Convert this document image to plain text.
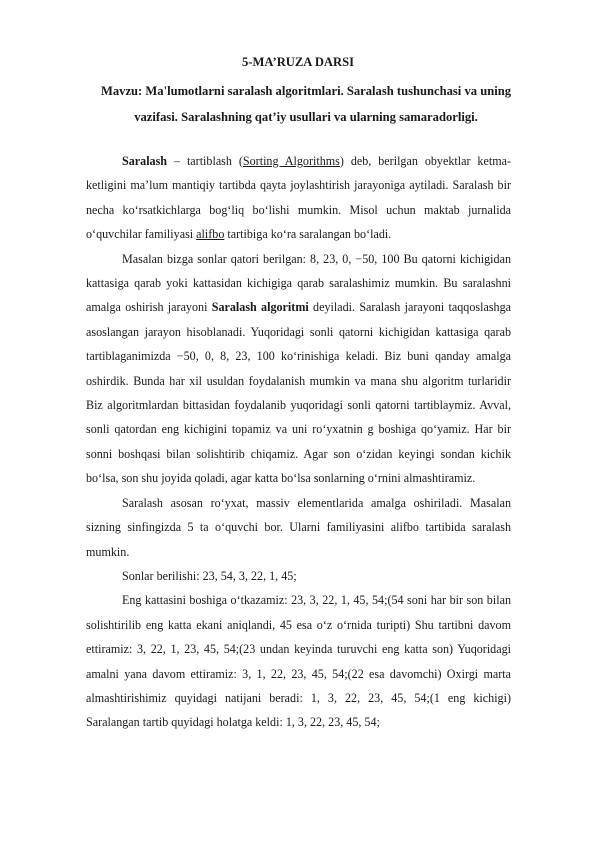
5-MA’RUZA DARSI
Mavzu: Ma'lumotlarni saralash algoritmlari. Saralash tushunchasi va uning vazifasi. Saralashning qat’iy usullari va ularning samaradorligi.

Saralash – tartiblash (Sorting Algorithms) deb, berilgan obyektlar ketma-ketligini ma’lum mantiqiy tartibda qayta joylashtirish jarayoniga aytiladi. Saralash bir necha ko‘rsatkichlarga bog‘liq bo‘lishi mumkin. Misol uchun maktab jurnalida o‘quvchilar familiyasi alifbo tartibiga ko‘ra saralangan bo‘ladi.

Masalan bizga sonlar qatori berilgan: 8, 23, 0, −50, 100 Bu qatorni kichigidan kattasiga qarab yoki kattasidan kichigiga qarab saralashimiz mumkin. Bu saralashni amalga oshirish jarayoni Saralash algoritmi deyiladi. Saralash jarayoni taqqoslashga asoslangan jarayon hisoblanadi. Yuqoridagi sonli qatorni kichigidan kattasiga qarab tartiblaganimizda −50, 0, 8, 23, 100 ko‘rinishiga keladi. Biz buni qanday amalga oshirdik. Bunda har xil usuldan foydalanish mumkin va mana shu algoritm turlaridir Biz algoritmlardan bittasidan foydalanib yuqoridagi sonli qatorni tartiblaymiz. Avval, sonli qatordan eng kichigini topamiz va uni ro‘yxatnin g boshiga qo‘yamiz. Har bir sonni boshqasi bilan solishtirib chiqamiz. Agar son o‘zidan keyingi sondan kichik bo‘lsa, son shu joyida qoladi, agar katta bo‘lsa sonlarning o‘rnini almashtiramiz.

Saralash asosan ro‘yxat, massiv elementlarida amalga oshiriladi. Masalan sizning sinfingizda 5 ta o‘quvchi bor. Ularni familiyasini alifbo tartibida saralash mumkin.

Sonlar berilishi: 23, 54, 3, 22, 1, 45;

Eng kattasini boshiga o‘tkazamiz: 23, 3, 22, 1, 45, 54;(54 soni har bir son bilan solishtirilib eng katta ekani aniqlandi, 45 esa o‘z o‘rnida turipti) Shu tartibni davom ettiramiz: 3, 22, 1, 23, 45, 54;(23 undan keyinda turuvchi eng katta son) Yuqoridagi amalni yana davom ettiramiz: 3, 1, 22, 23, 45, 54;(22 esa davomchi) Oxirgi marta almashtirishimiz quyidagi natijani beradi: 1, 3, 22, 23, 45, 54;(1 eng kichigi) Saralangan tartib quyidagi holatga keldi: 1, 3, 22, 23, 45, 54;
